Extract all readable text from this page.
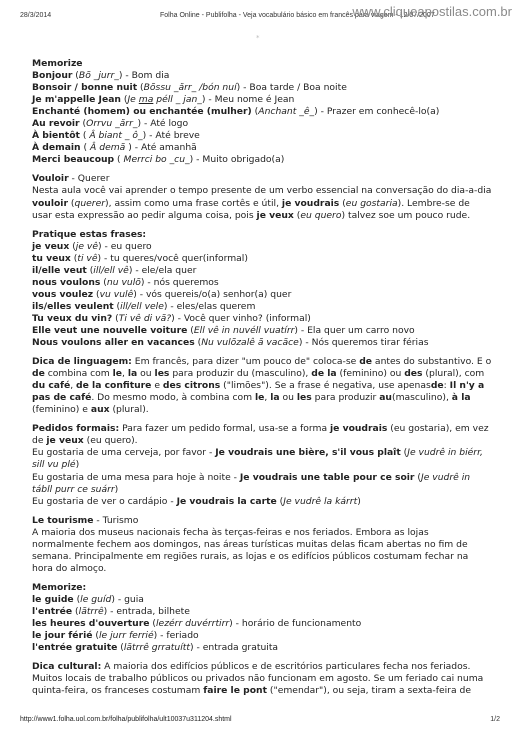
28/3/2014	Folha Online - Publifolha - Veja vocabulário básico em francês para viagem - 12/07/2007
www.cliqueapostilas.com.br
*

Memorize

Bonjour (Bõ _jurr_) - Bom dia

Bonsoir / bonne nuit (Bõssu _ărr_ /bón nuí) - Boa tarde / Boa noite

Je m'appelle Jean (Je ma péll _ jan_) - Meu nome é Jean

Enchanté (homem) ou enchantée (mulher) (Anchant _ê_) - Prazer em conhecê-lo(a)

Au revoir (Orrvu _ărr_) - Até logo

À bientôt ( Â biant _ ô_) - Até breve

À demain ( Â demã ) - Até amanhã

Merci beaucoup ( Merrci bo _cu_) - Muito obrigado(a)

Vouloir - Querer

Nesta aula você vai aprender o tempo presente de um verbo essencial na conversação do dia-a-dia vouloir (querer), assim como uma frase cortês e útil, je voudrais (eu gostaria). Lembre-se de usar esta expressão ao pedir alguma coisa, pois je veux (eu quero) talvez soe um pouco rude.

Pratique estas frases:

je veux (je vê) - eu quero

tu veux (ti vê) - tu queres/você quer(informal)

il/elle veut (ill/ell vê) - ele/ela quer

nous voulons (nu vulõ) - nós queremos

vous voulez (vu vulê) - vós quereis/o(a) senhor(a) quer

ils/elles veulent (ill/ell vele) - eles/elas querem

Tu veux du vin? (Ti vê di vã?) - Você quer vinho? (informal)

Elle veut une nouvelle voiture (Ell vê in nuvéll vuatírr) - Ela quer um carro novo

Nous voulons aller en vacances (Nu vulõzalê ã vacãce) - Nós queremos tirar férias

Dica de linguagem: Em francês, para dizer "um pouco de" coloca-se de antes do substantivo. E o de combina com le, la ou les para produzir du (masculino), de la (feminino) ou des (plural), com du café, de la confiture e des citrons ("limões"). Se a frase é negativa, use apenasde: Il n'y a pas de café. Do mesmo modo, à combina com le, la ou les para produzir au(masculino), à la (feminino) e aux (plural).

Pedidos formais: Para fazer um pedido formal, usa-se a forma je voudrais (eu gostaria), em vez de je veux (eu quero).

Eu gostaria de uma cerveja, por favor - Je voudrais une bière, s'il vous plaît (Je vudrê in biérr, sill vu plé)

Eu gostaria de uma mesa para hoje à noite - Je voudrais une table pour ce soir (Je vudrê in tábll purr ce suárr)

Eu gostaria de ver o cardápio - Je voudrais la carte (Je vudrê la kárrt)

Le tourisme - Turismo

A maioria dos museus nacionais fecha às terças-feiras e nos feriados. Embora as lojas normalmente fechem aos domingos, nas áreas turísticas muitas delas ficam abertas no fim de semana. Principalmente em regiões rurais, as lojas e os edifícios públicos costumam fechar na hora do almoço.

Memorize:

le guide (le guíd) - guia

l'entrée (lãtrrê) - entrada, bilhete

les heures d'ouverture (lezérr duvérrtirr) - horário de funcionamento

le jour férié (le jurr ferrié) - feriado

l'entrée gratuite (lãtrrê grratuítt) - entrada gratuita

Dica cultural: A maioria dos edifícios públicos e de escritórios particulares fecha nos feriados. Muitos locais de trabalho públicos ou privados não funcionam em agosto. Se um feriado cai numa quinta-feira, os franceses costumam faire le pont ("emendar"), ou seja, tiram a sexta-feira de

http://www1.folha.uol.com.br/folha/publifolha/ult10037u311204.shtml	1/2
